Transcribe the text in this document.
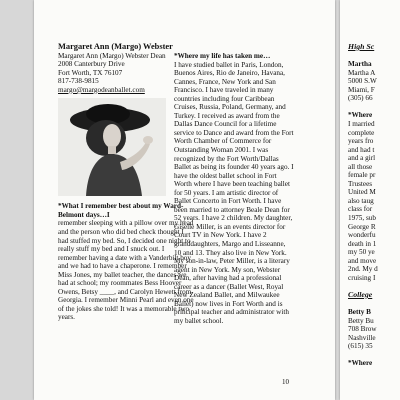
Margaret Ann (Margo) Webster
Margaret Ann (Margo) Webster Dean
2008 Canterbury Drive
Fort Worth, TX 76107
817-738-9815
margo@margodeanballet.com
*What I remember best about my Ward-Belmont days…I

remember sleeping with a pillow over my head and the person who did bed check thought I had stuffed my bed. So, I decided one night to really stuff my bed and I snuck out. I remember having a date with a Vanderbilt boy and we had to have a chaperone. I remember Miss Jones, my ballet teacher, the dances we had at school; my roommates Bess Hoover Owens, Betsy ____, and Carolyn Hewett from Georgia. I remember Minni Pearl and even one of the jokes she told! It was a memorable two years.

*Where my life has taken me…

I have studied ballet in Paris, London, Buenos Aires, Rio de Janeiro, Havana, Cannes, France, New York and San Francisco. I have traveled in many countries including four Caribbean Cruises, Russia, Poland, Germany, and Turkey. I received as award from the Dallas Dance Council for a lifetime service to Dance and award from the Fort Worth Chamber of Commerce for Outstanding Woman 2001. I was recognized by the Fort Worth/Dallas Ballet as being its founder 40 years ago. I have the oldest ballet school in Fort Worth where I have been teaching ballet for 50 years. I am artistic director of Ballet Concerto in Fort Worth. I have been married to attorney Beale Dean for 52 years. I have 2 children. My daughter, Giselle Miller, is an events director for Court TV in New York. I have 2 granddaughters, Margo and Lisseanne, 10 and 13. They also live in New York. My son-in-law, Peter Miller, is a literary agent in New York. My son, Webster Dean, after having had a professional career as a dancer (Ballet West, Royal New Zealand Ballet, and Milwaukee Ballet) now lives in Fort Worth and is principal teacher and administrator with my ballet school.

10
High Sc
Martha
Martha A
5000 S.W
Miami, F
(305) 66
*Where
I married
complete
years fro
and had t
and a girl
all those
female pr
Trustees
United M
also taug
class for
1975, sub
George R
wonderfu
death in 1
my 50 ye
and move
2nd. My d
cruising I
College
Betty B
Betty Bu
708 Brow
Nashville
(615) 35
*Where
